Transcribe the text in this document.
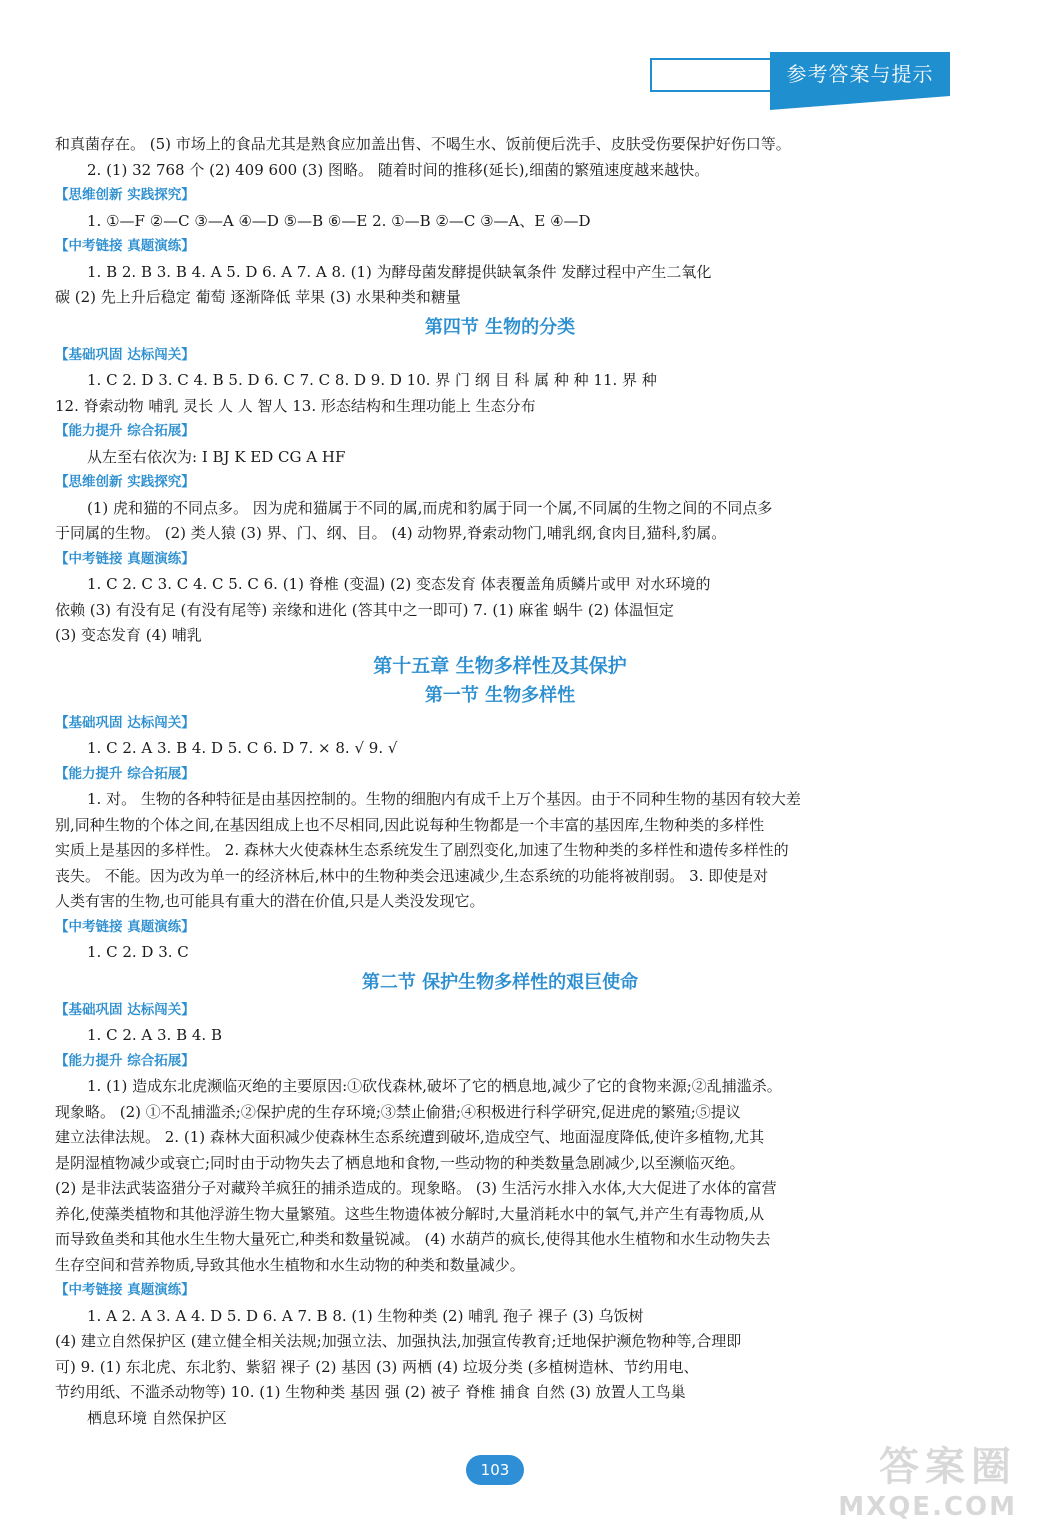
参考答案与提示
和真菌存在。 (5) 市场上的食品尤其是熟食应加盖出售、不喝生水、饭前便后洗手、皮肤受伤要保护好伤口等。
2. (1) 32 768 个 (2) 409 600 (3) 图略。 随着时间的推移(延长),细菌的繁殖速度越来越快。
【思维创新 实践探究】
1. ①—F ②—C ③—A ④—D ⑤—B ⑥—E 2. ①—B ②—C ③—A、E ④—D
【中考链接 真题演练】
1. B 2. B 3. B 4. A 5. D 6. A 7. A 8. (1) 为酵母菌发酵提供缺氧条件 发酵过程中产生二氧化
碳 (2) 先上升后稳定 葡萄 逐渐降低 苹果 (3) 水果种类和糖量
第四节 生物的分类
【基础巩固 达标闯关】
1. C 2. D 3. C 4. B 5. D 6. C 7. C 8. D 9. D 10. 界 门 纲 目 科 属 种 种 11. 界 种
12. 脊索动物 哺乳 灵长 人 人 智人 13. 形态结构和生理功能上 生态分布
【能力提升 综合拓展】
从左至右依次为: I BJ K ED CG A HF
【思维创新 实践探究】
(1) 虎和猫的不同点多。 因为虎和猫属于不同的属,而虎和豹属于同一个属,不同属的生物之间的不同点多
于同属的生物。 (2) 类人猿 (3) 界、门、纲、目。 (4) 动物界,脊索动物门,哺乳纲,食肉目,猫科,豹属。
【中考链接 真题演练】
1. C 2. C 3. C 4. C 5. C 6. (1) 脊椎 (变温) (2) 变态发育 体表覆盖角质鳞片或甲 对水环境的
依赖 (3) 有没有足 (有没有尾等) 亲缘和进化 (答其中之一即可) 7. (1) 麻雀 蜗牛 (2) 体温恒定
(3) 变态发育 (4) 哺乳
第十五章 生物多样性及其保护
第一节 生物多样性
【基础巩固 达标闯关】
1. C 2. A 3. B 4. D 5. C 6. D 7. × 8. √ 9. √
【能力提升 综合拓展】
1. 对。 生物的各种特征是由基因控制的。生物的细胞内有成千上万个基因。由于不同种生物的基因有较大差
别,同种生物的个体之间,在基因组成上也不尽相同,因此说每种生物都是一个丰富的基因库,生物种类的多样性
实质上是基因的多样性。 2. 森林大火使森林生态系统发生了剧烈变化,加速了生物种类的多样性和遗传多样性的
丧失。 不能。因为改为单一的经济林后,林中的生物种类会迅速减少,生态系统的功能将被削弱。 3. 即使是对
人类有害的生物,也可能具有重大的潜在价值,只是人类没发现它。
【中考链接 真题演练】
1. C 2. D 3. C
第二节 保护生物多样性的艰巨使命
【基础巩固 达标闯关】
1. C 2. A 3. B 4. B
【能力提升 综合拓展】
1. (1) 造成东北虎濒临灭绝的主要原因:①砍伐森林,破坏了它的栖息地,减少了它的食物来源;②乱捕滥杀。
现象略。 (2) ①不乱捕滥杀;②保护虎的生存环境;③禁止偷猎;④积极进行科学研究,促进虎的繁殖;⑤提议
建立法律法规。 2. (1) 森林大面积减少使森林生态系统遭到破坏,造成空气、地面湿度降低,使许多植物,尤其
是阴湿植物减少或衰亡;同时由于动物失去了栖息地和食物,一些动物的种类数量急剧减少,以至濒临灭绝。
(2) 是非法武装盗猎分子对藏羚羊疯狂的捕杀造成的。现象略。 (3) 生活污水排入水体,大大促进了水体的富营
养化,使藻类植物和其他浮游生物大量繁殖。这些生物遗体被分解时,大量消耗水中的氧气,并产生有毒物质,从
而导致鱼类和其他水生生物大量死亡,种类和数量锐减。 (4) 水葫芦的疯长,使得其他水生植物和水生动物失去
生存空间和营养物质,导致其他水生植物和水生动物的种类和数量减少。
【中考链接 真题演练】
1. A 2. A 3. A 4. D 5. D 6. A 7. B 8. (1) 生物种类 (2) 哺乳 孢子 裸子 (3) 乌饭树
(4) 建立自然保护区 (建立健全相关法规;加强立法、加强执法,加强宣传教育;迁地保护濒危物种等,合理即
可) 9. (1) 东北虎、东北豹、紫貂 裸子 (2) 基因 (3) 两栖 (4) 垃圾分类 (多植树造林、节约用电、
节约用纸、不滥杀动物等) 10. (1) 生物种类 基因 强 (2) 被子 脊椎 捕食 自然 (3) 放置人工鸟巢
栖息环境 自然保护区
103	答案圈
MXQE.COM
